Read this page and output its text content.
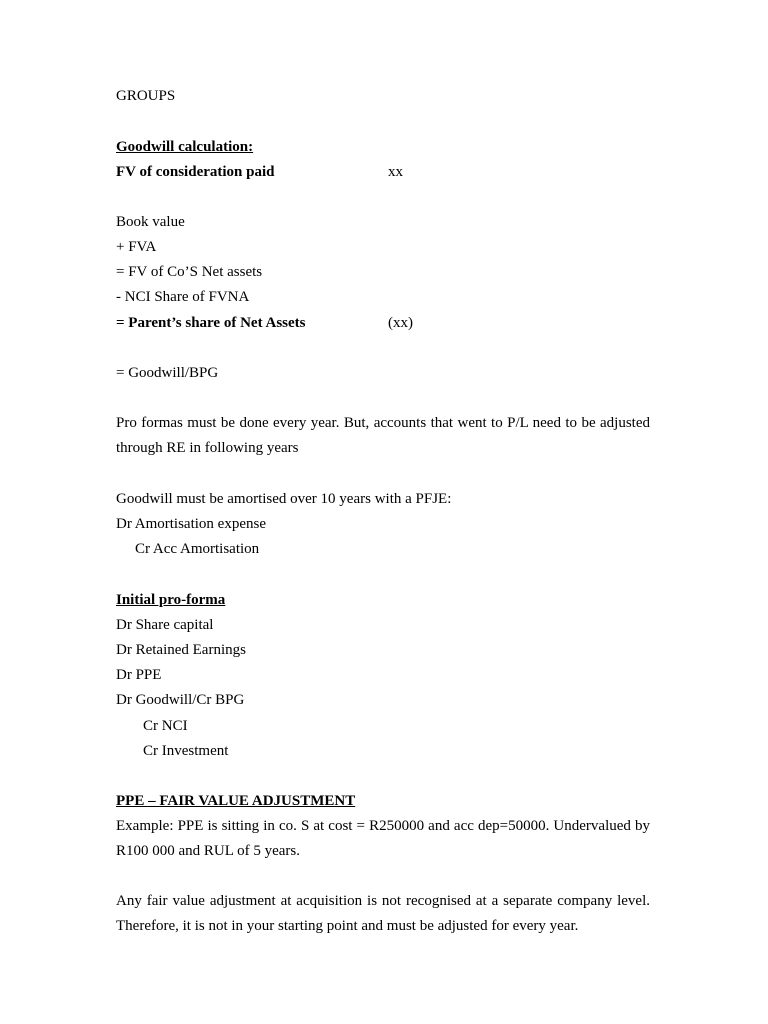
GROUPS
Goodwill calculation:
FV of consideration paid	xx
Book value
+ FVA
= FV of Co’S Net assets
- NCI Share of FVNA
= Parent’s share of Net Assets	(xx)
= Goodwill/BPG
Pro formas must be done every year. But, accounts that went to P/L need to be adjusted through RE in following years
Goodwill must be amortised over 10 years with a PFJE:
Dr Amortisation expense
Cr Acc Amortisation
Initial pro-forma
Dr Share capital
Dr Retained Earnings
Dr PPE
Dr Goodwill/Cr BPG
Cr NCI
Cr Investment
PPE – FAIR VALUE ADJUSTMENT
Example: PPE is sitting in co. S at cost = R250000 and acc dep=50000. Undervalued by R100 000 and RUL of 5 years.
Any fair value adjustment at acquisition is not recognised at a separate company level. Therefore, it is not in your starting point and must be adjusted for every year.
